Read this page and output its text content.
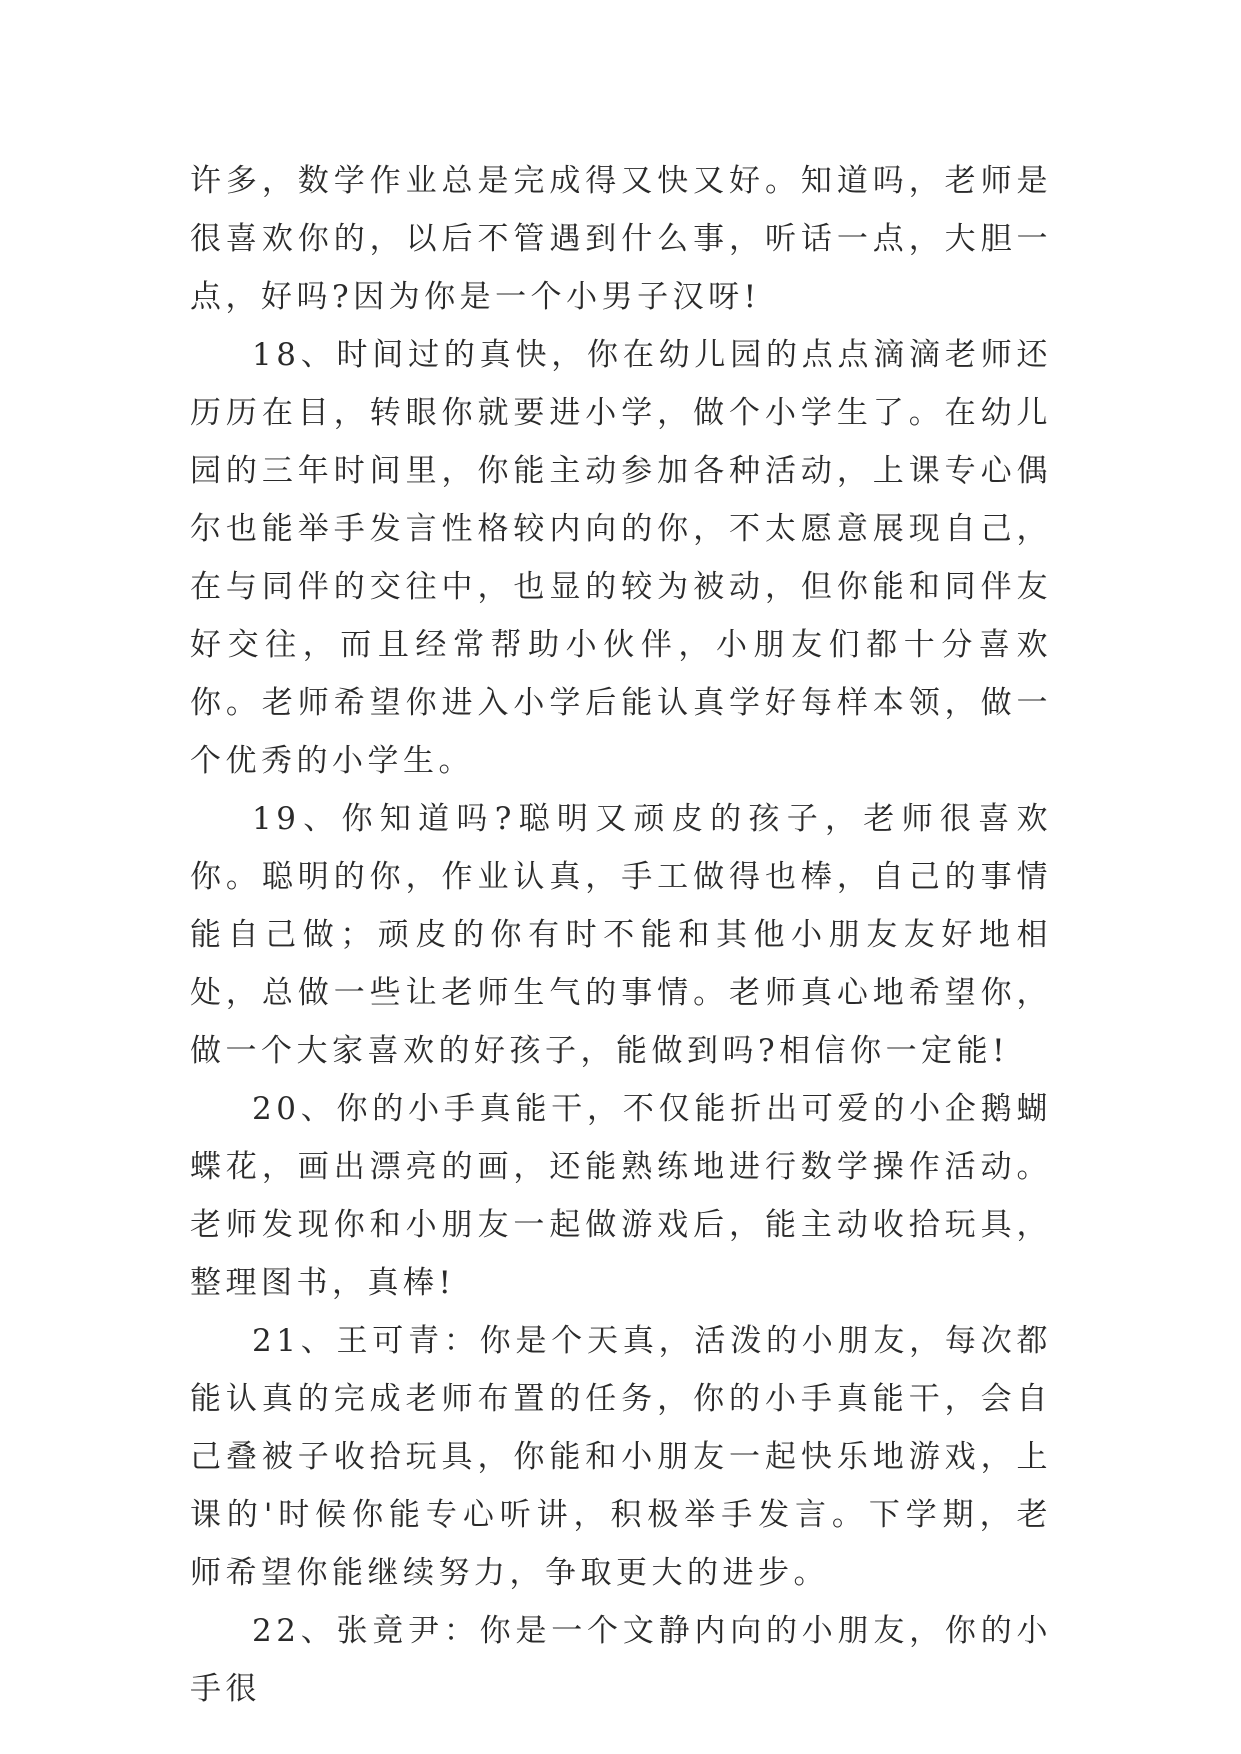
许多，数学作业总是完成得又快又好。知道吗，老师是很喜欢你的，以后不管遇到什么事，听话一点，大胆一点，好吗?因为你是一个小男子汉呀!

18、时间过的真快，你在幼儿园的点点滴滴老师还历历在目，转眼你就要进小学，做个小学生了。在幼儿园的三年时间里，你能主动参加各种活动，上课专心偶尔也能举手发言性格较内向的你，不太愿意展现自己，在与同伴的交往中，也显的较为被动，但你能和同伴友好交往，而且经常帮助小伙伴，小朋友们都十分喜欢你。老师希望你进入小学后能认真学好每样本领，做一个优秀的小学生。

19、你知道吗?聪明又顽皮的孩子，老师很喜欢你。聪明的你，作业认真，手工做得也棒，自己的事情能自己做；顽皮的你有时不能和其他小朋友友好地相处，总做一些让老师生气的事情。老师真心地希望你，做一个大家喜欢的好孩子，能做到吗?相信你一定能!

20、你的小手真能干，不仅能折出可爱的小企鹅蝴蝶花，画出漂亮的画，还能熟练地进行数学操作活动。老师发现你和小朋友一起做游戏后，能主动收拾玩具，整理图书，真棒!

21、王可青：你是个天真，活泼的小朋友，每次都能认真的完成老师布置的任务，你的小手真能干，会自己叠被子收拾玩具，你能和小朋友一起快乐地游戏，上课的'时候你能专心听讲，积极举手发言。下学期，老师希望你能继续努力，争取更大的进步。

22、张竟尹：你是一个文静内向的小朋友，你的小手很
